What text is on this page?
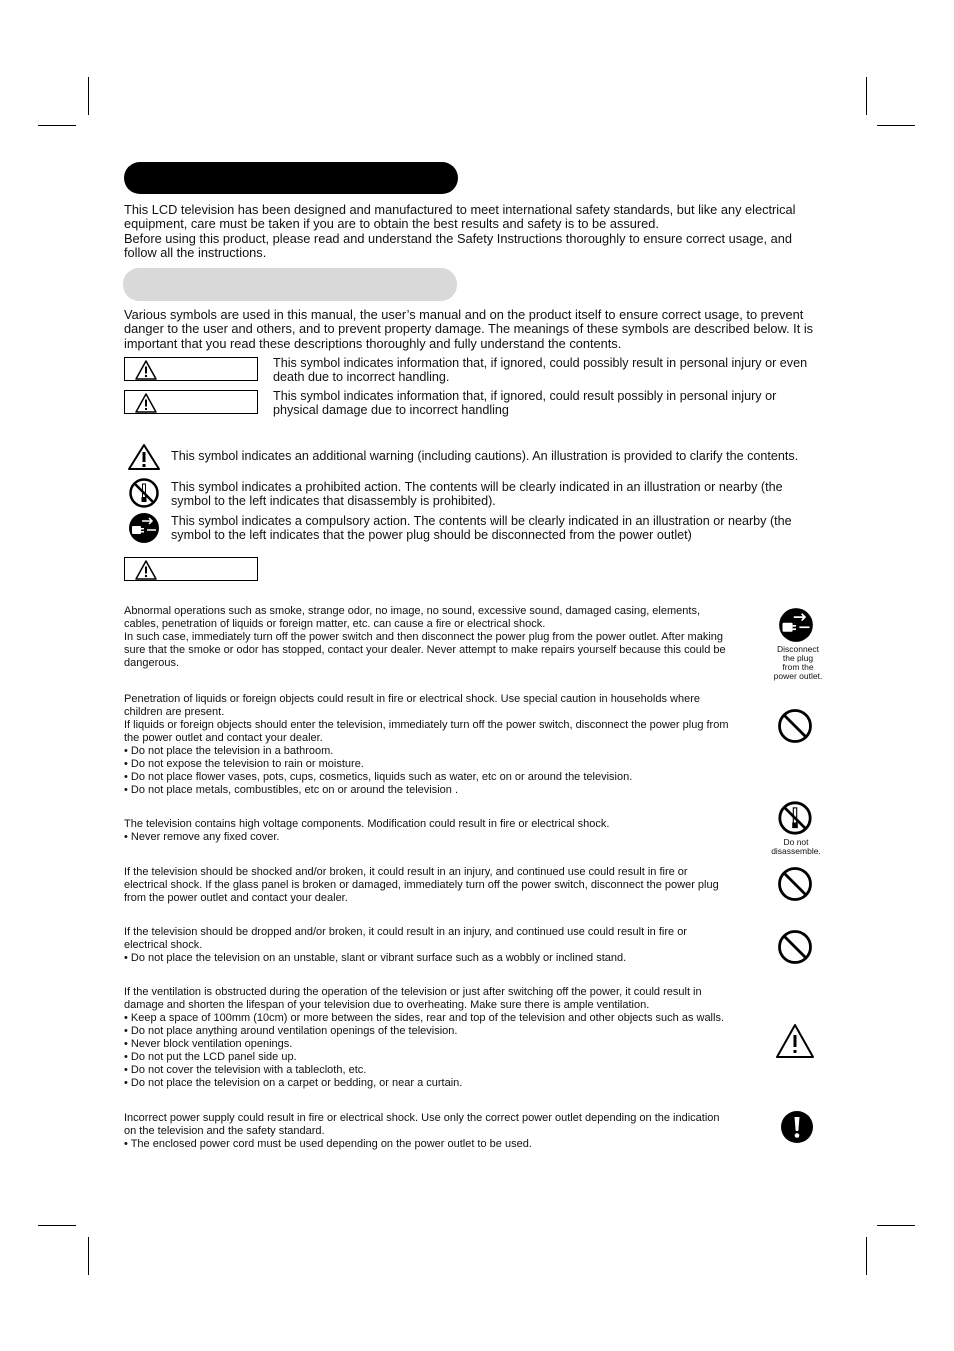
This LCD television has been designed and manufactured to meet international safety standards, but like any electrical
equipment, care must be taken if you are to obtain the best results and safety is to be assured.
Before using this product, please read and understand the Safety Instructions thoroughly to ensure correct usage, and
follow all the instructions.
Various symbols are used in this manual, the user’s manual and on the product itself to ensure correct usage, to prevent
danger to the user and others, and to prevent property damage. The meanings of these symbols are described below. It is
important that you read these descriptions thoroughly and fully understand the contents.
This symbol indicates information that, if ignored, could possibly result in personal injury or even
death due to incorrect handling.
This symbol indicates information that, if ignored, could result possibly in personal injury or
physical damage due to incorrect handling
This symbol indicates an additional warning (including cautions). An illustration is provided to clarify the contents.
This symbol indicates a prohibited action. The contents will be clearly indicated in an illustration or nearby (the
symbol to the left indicates that disassembly is prohibited).
This symbol indicates a compulsory action. The contents will be clearly indicated in an illustration or nearby (the
symbol to the left indicates that the power plug should be disconnected from the power outlet)
Abnormal operations such as smoke, strange odor, no image, no sound, excessive sound, damaged casing, elements,
cables, penetration of liquids or foreign matter, etc. can cause a fire or electrical shock.
In such case, immediately turn off the power switch and then disconnect the power plug from the power outlet. After making
sure that the smoke or odor has stopped, contact your dealer. Never attempt to make repairs yourself because this could be
dangerous.
Disconnect
the plug
from the
power outlet.
Penetration of liquids or foreign objects could result in fire or electrical shock. Use special caution in households where
children are present.
If liquids or foreign objects should enter the television, immediately turn off the power switch, disconnect the power plug from
the power outlet and contact your dealer.
• Do not place the television in a bathroom.
• Do not expose the television to rain or moisture.
• Do not place flower vases, pots, cups, cosmetics, liquids such as water, etc on or around the television.
• Do not place metals, combustibles, etc on or around the television .
The television contains high voltage components. Modification could result in fire or electrical shock.
• Never remove any fixed cover.	Do not
disassemble.
If the television should be shocked and/or broken, it could result in an injury, and continued use could result in fire or
electrical shock. If the glass panel is broken or damaged, immediately turn off the power switch, disconnect the power plug
from the power outlet and contact your dealer.
If the television should be dropped and/or broken, it could result in an injury, and continued use could result in fire or
electrical shock.
• Do not place the television on an unstable, slant or vibrant surface such as a wobbly or inclined stand.
If the ventilation is obstructed during the operation of the television or just after switching off the power, it could result in
damage and shorten the lifespan of your television due to overheating. Make sure there is ample ventilation.
• Keep a space of 100mm (10cm) or more between the sides, rear and top of the television and other objects such as walls.
• Do not place anything around ventilation openings of the television.
• Never block ventilation openings.
• Do not put the LCD panel side up.
• Do not cover the television with a tablecloth, etc.
• Do not place the television on a carpet or bedding, or near a curtain.
Incorrect power supply could result in fire or electrical shock. Use only the correct power outlet depending on the indication
on the television and the safety standard.
• The enclosed power cord must be used depending on the power outlet to be used.
